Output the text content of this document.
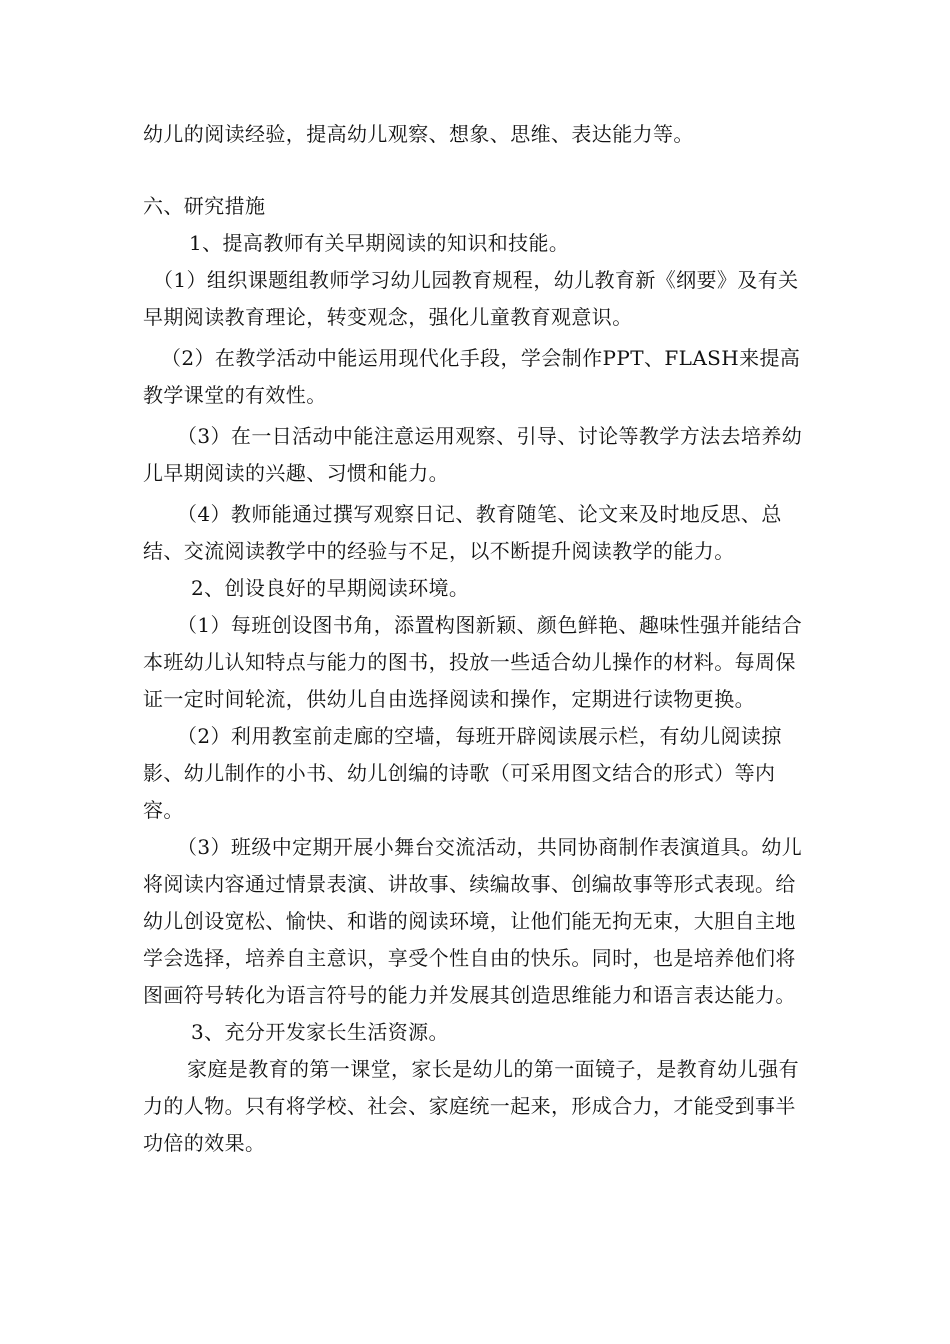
幼儿的阅读经验，提高幼儿观察、想象、思维、表达能力等。

六、研究措施

1、提高教师有关早期阅读的知识和技能。

（1）组织课题组教师学习幼儿园教育规程，幼儿教育新《纲要》及有关早期阅读教育理论，转变观念，强化儿童教育观意识。

（2）在教学活动中能运用现代化手段，学会制作PPT、FLASH来提高教学课堂的有效性。

（3）在一日活动中能注意运用观察、引导、讨论等教学方法去培养幼儿早期阅读的兴趣、习惯和能力。

（4）教师能通过撰写观察日记、教育随笔、论文来及时地反思、总结、交流阅读教学中的经验与不足，以不断提升阅读教学的能力。

2、创设良好的早期阅读环境。

（1）每班创设图书角，添置构图新颖、颜色鲜艳、趣味性强并能结合本班幼儿认知特点与能力的图书，投放一些适合幼儿操作的材料。每周保证一定时间轮流，供幼儿自由选择阅读和操作，定期进行读物更换。

（2）利用教室前走廊的空墙，每班开辟阅读展示栏，有幼儿阅读掠影、幼儿制作的小书、幼儿创编的诗歌（可采用图文结合的形式）等内容。

（3）班级中定期开展小舞台交流活动，共同协商制作表演道具。幼儿将阅读内容通过情景表演、讲故事、续编故事、创编故事等形式表现。给幼儿创设宽松、愉快、和谐的阅读环境，让他们能无拘无束，大胆自主地学会选择，培养自主意识，享受个性自由的快乐。同时，也是培养他们将图画符号转化为语言符号的能力并发展其创造思维能力和语言表达能力。

3、充分开发家长生活资源。

家庭是教育的第一课堂，家长是幼儿的第一面镜子，是教育幼儿强有力的人物。只有将学校、社会、家庭统一起来，形成合力，才能受到事半功倍的效果。
